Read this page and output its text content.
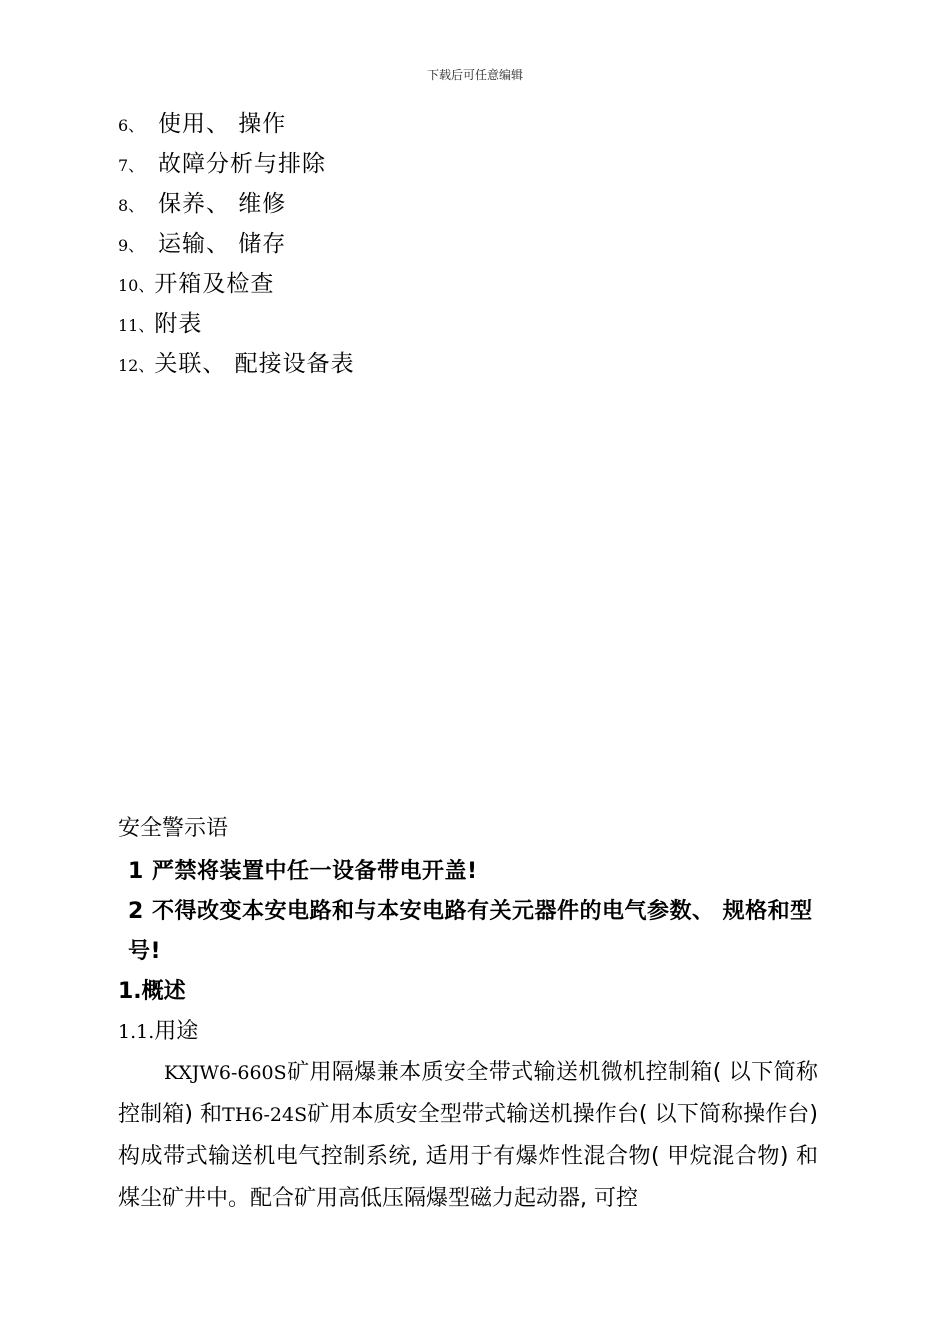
下载后可任意编辑
6、 使用、 操作
7、 故障分析与排除
8、 保养、 维修
9、 运输、 储存
10、开箱及检查
11、附表
12、关联、 配接设备表
安全警示语
1 严禁将装置中任一设备带电开盖!
2 不得改变本安电路和与本安电路有关元器件的电气参数、 规格和型号!
1.概述
1.1.用途
KXJW6-660S矿用隔爆兼本质安全带式输送机微机控制箱( 以下简称控制箱) 和TH6-24S矿用本质安全型带式输送机操作台( 以下简称操作台) 构成带式输送机电气控制系统, 适用于有爆炸性混合物( 甲烷混合物) 和煤尘矿井中。配合矿用高低压隔爆型磁力起动器, 可控
